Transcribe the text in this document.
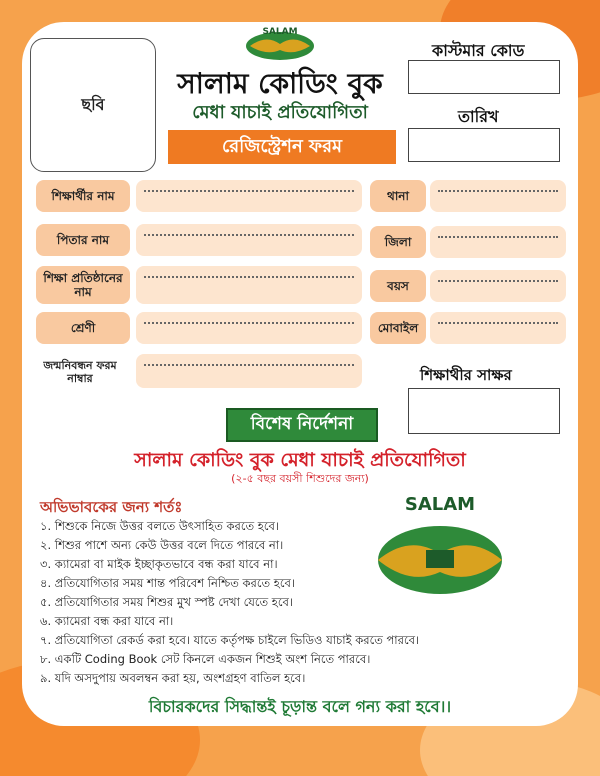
ছবি
SALAM
সালাম কোডিং বুক
মেধা যাচাই প্রতিযোগিতা
রেজিস্ট্রেশন ফরম
কাস্টমার কোড
তারিখ
শিক্ষার্থীর নাম
পিতার নাম
শিক্ষা প্রতিষ্ঠানের নাম
শ্রেণী
জন্মনিবন্ধন ফরম নাম্বার
থানা
জিলা
বয়স
মোবাইল
শিক্ষাথীর সাক্ষর
বিশেষ নির্দেশনা
সালাম কোডিং বুক মেধা যাচাই প্রতিযোগিতা
(২-৫ বছর বয়সী শিশুদের জন্য)
অভিভাবকের জন্য শর্তঃ
১. শিশুকে নিজে উত্তর বলতে উৎসাহিত করতে হবে।
২. শিশুর পাশে অন্য কেউ উত্তর বলে দিতে পারবে না।
৩. ক্যামেরা বা মাইক ইচ্ছাকৃতভাবে বন্ধ করা যাবে না।
৪. প্রতিযোগিতার সময় শান্ত পরিবেশ নিশ্চিত করতে হবে।
৫. প্রতিযোগিতার সময় শিশুর মুখ স্পষ্ট দেখা যেতে হবে।
৬. ক্যামেরা বন্ধ করা যাবে না।
৭. প্রতিযোগিতা রেকর্ড করা হবে। যাতে কর্তৃপক্ষ চাইলে ভিডিও যাচাই করতে পারবে।
৮. একটি Coding Book সেট কিনলে একজন শিশুই অংশ নিতে পারবে।
৯. যদি অসদুপায় অবলম্বন করা হয়, অংশগ্রহণ বাতিল হবে।
SALAM
বিচারকদের সিদ্ধান্তই চূড়ান্ত বলে গন্য করা হবে।।
